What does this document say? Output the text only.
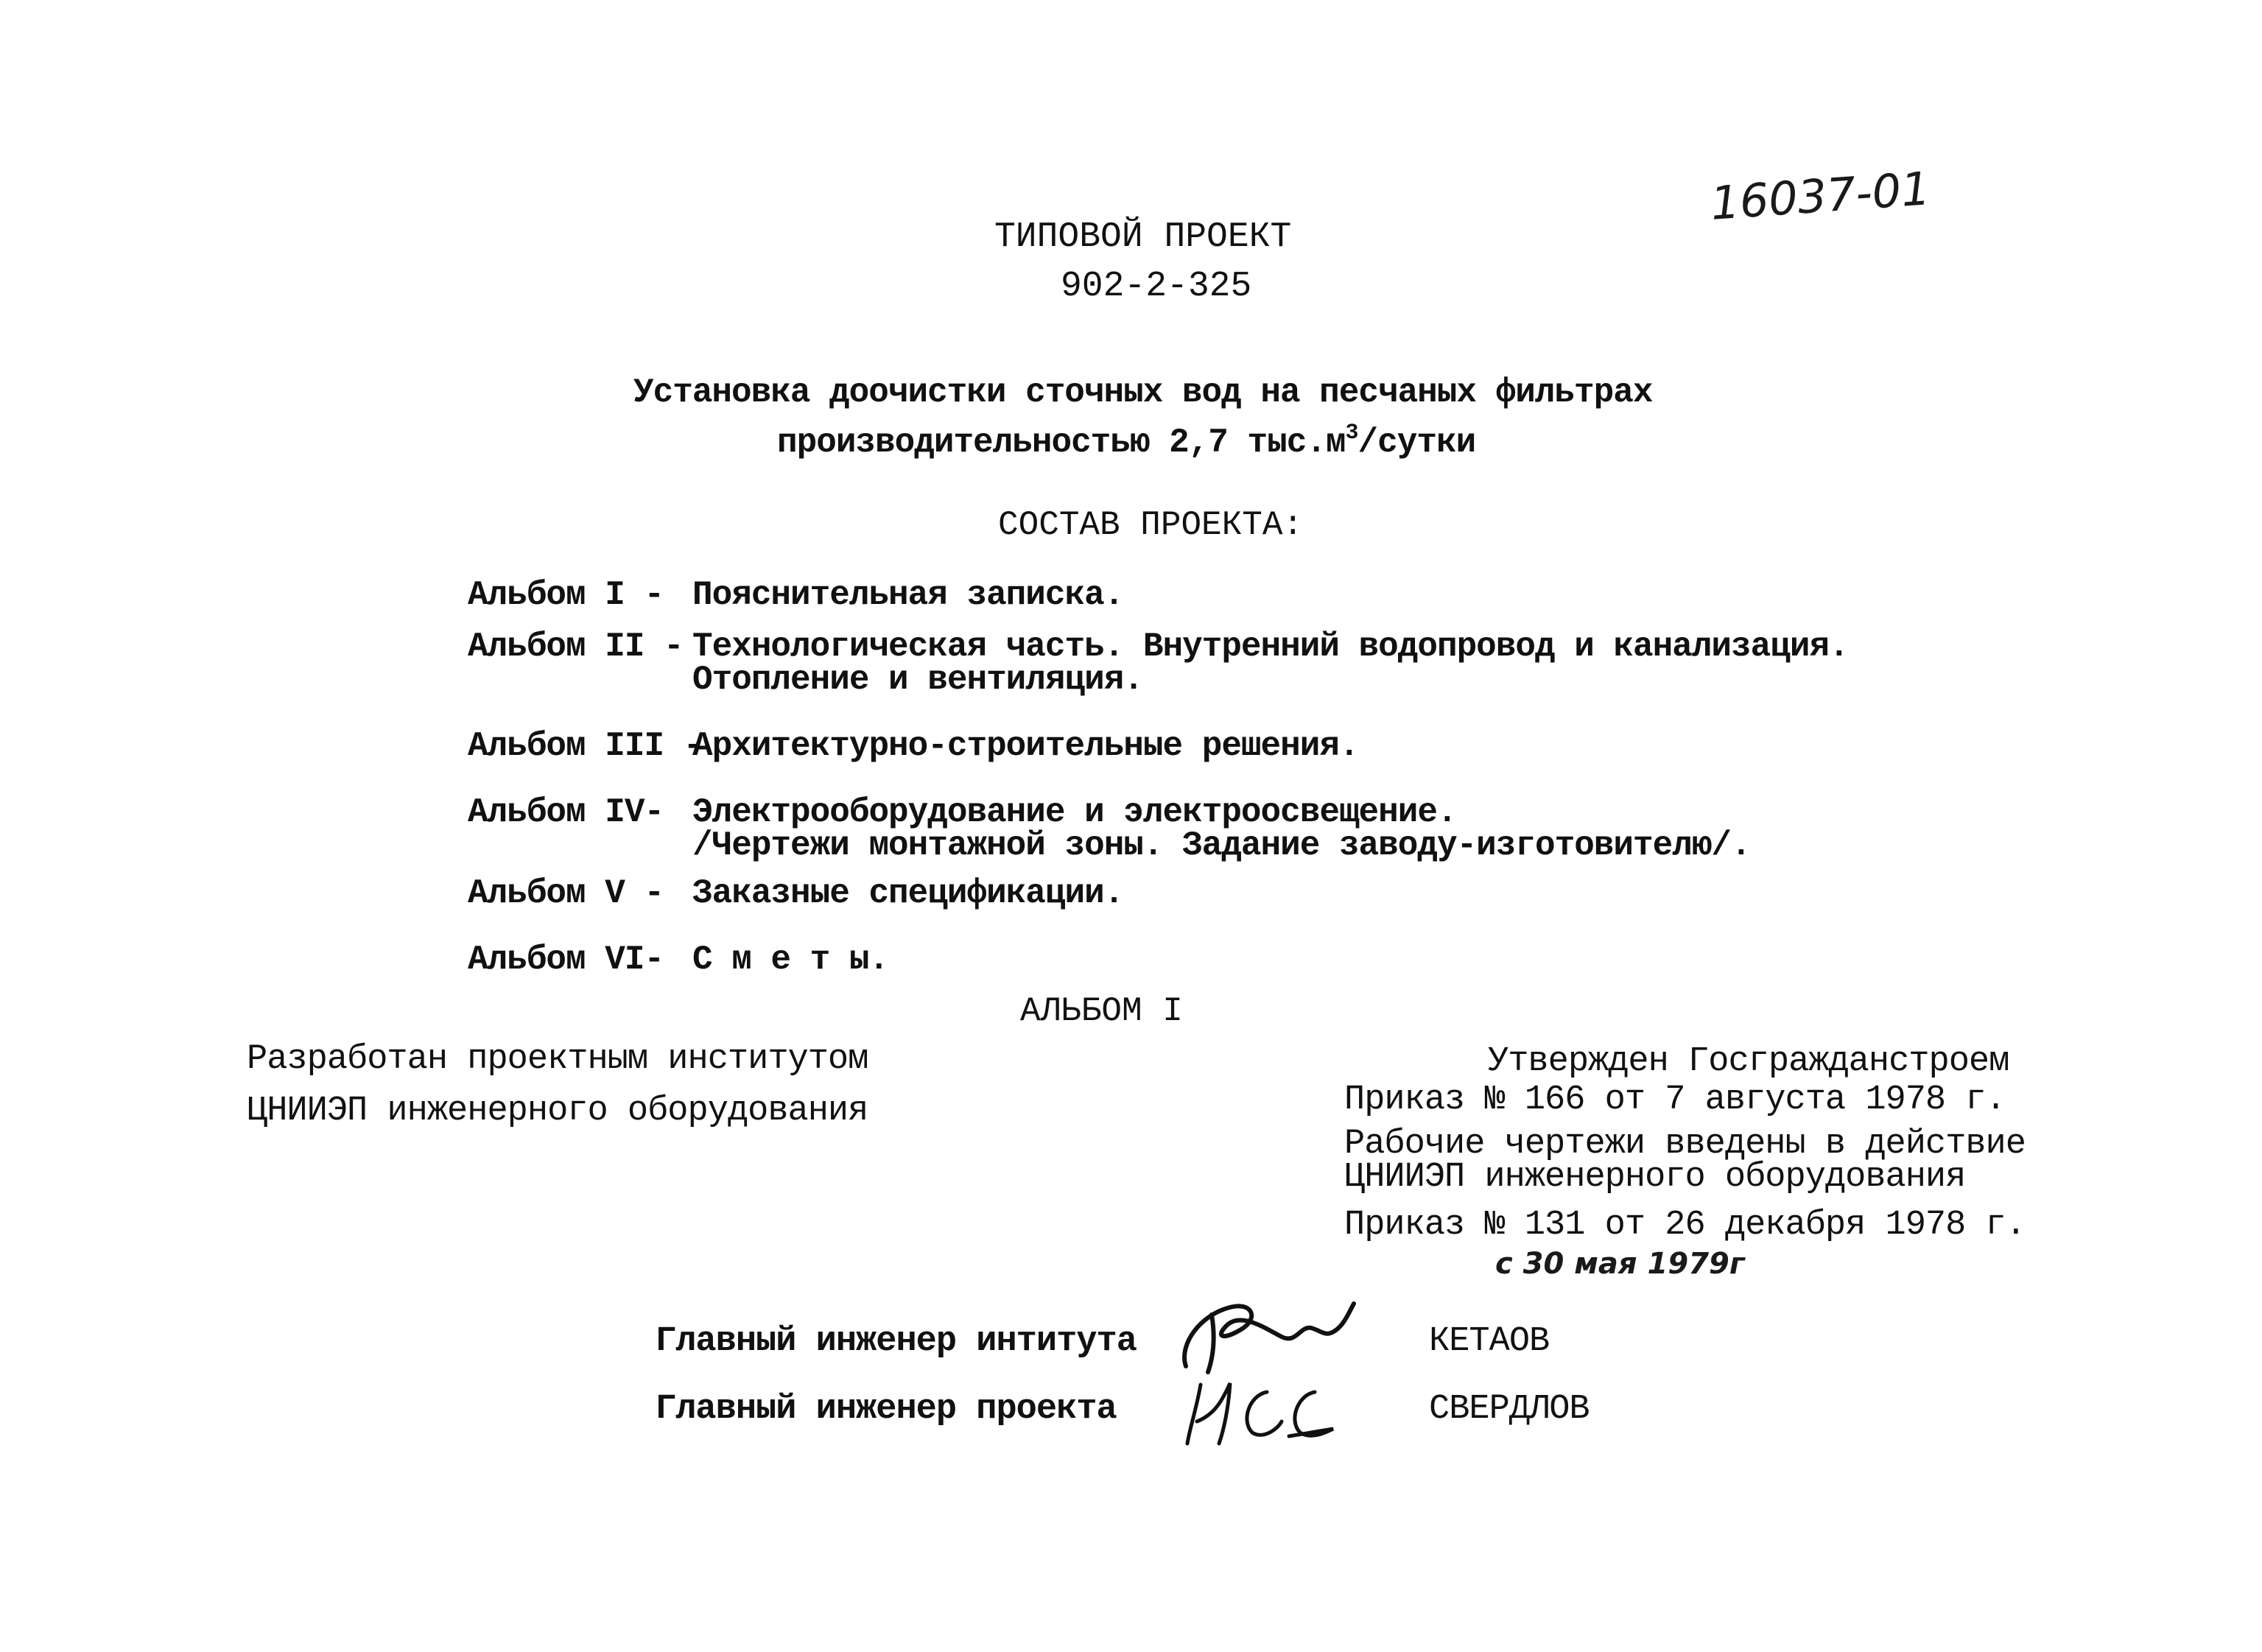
16037-01
ТИПОВОЙ ПРОЕКТ
902-2-325
Установка доочистки сточных вод на песчаных фильтрах
производительностью 2,7 $тыс.м^3$/сутки
СОСТАВ ПРОЕКТА:
Альбом I - Пояснительная записка.
Альбом II - Технологическая часть. Внутренний водопровод и канализация.
Отопление и вентиляция.
Альбом III -
Архитектурно-строительные решения.
Альбом IV- Электрооборудование и электроосвещение.
/Чертежи монтажной зоны. Задание заводу-изготовителю/.
Альбом V - Заказные спецификации.
Альбом VI- С м е т ы.
АЛЬБОМ I
Разработан проектным институтом
ЦНИИЭП инженерного оборудования
Утвержден Госгражданстроем
Приказ № 166 от 7 августа 1978 г.
Рабочие чертежи введены в действие
ЦНИИЭП инженерного оборудования
Приказ № 131 от 26 декабря 1978 г.
с 30 мая 1979г
Главный инженер интитута	КЕТАОВ
Главный инженер проекта	СВЕРДЛОВ
